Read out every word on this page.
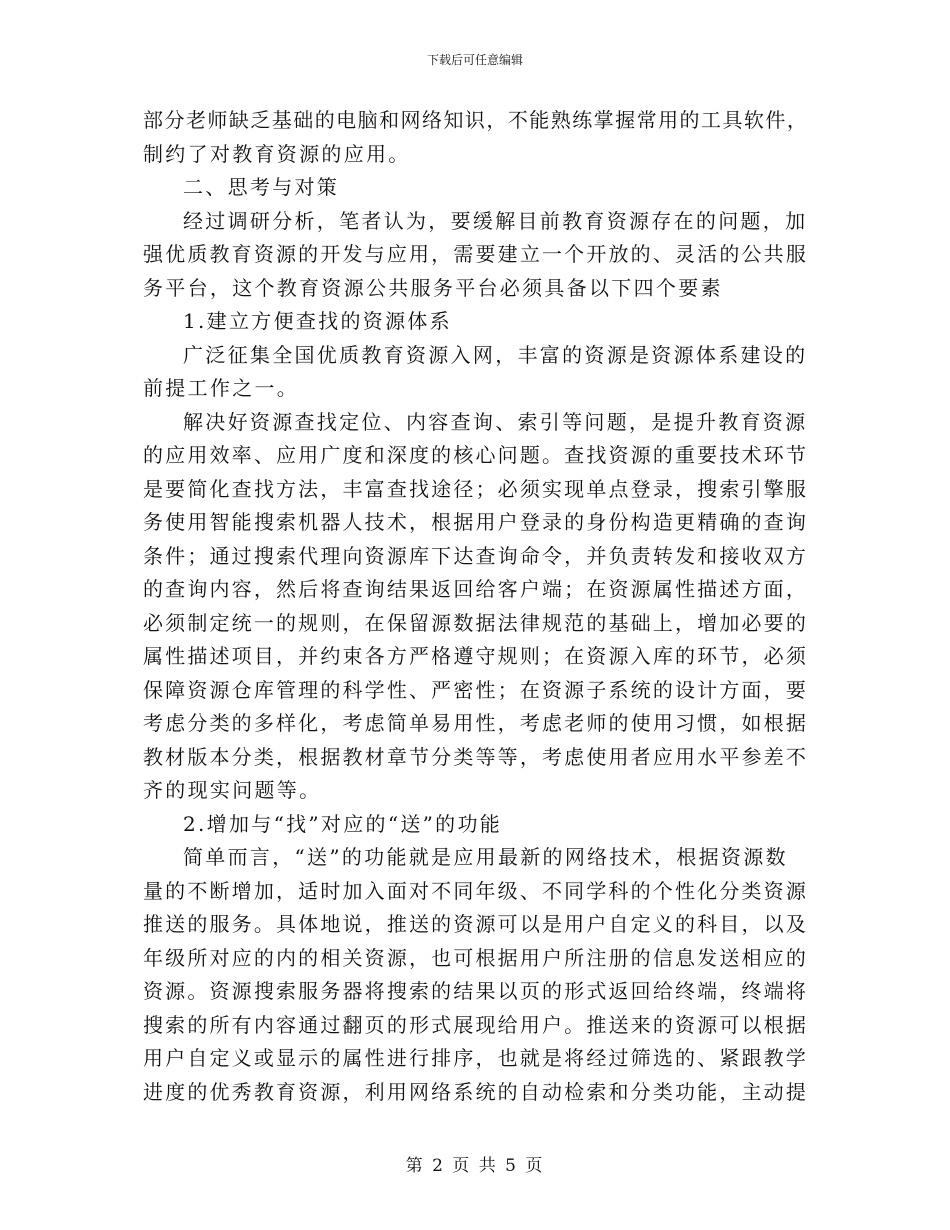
下载后可任意编辑
部分老师缺乏基础的电脑和网络知识，不能熟练掌握常用的工具软件，
制约了对教育资源的应用。
二、思考与对策
经过调研分析，笔者认为，要缓解目前教育资源存在的问题，加
强优质教育资源的开发与应用，需要建立一个开放的、灵活的公共服
务平台，这个教育资源公共服务平台必须具备以下四个要素
1.建立方便查找的资源体系
广泛征集全国优质教育资源入网，丰富的资源是资源体系建设的
前提工作之一。
解决好资源查找定位、内容查询、索引等问题，是提升教育资源
的应用效率、应用广度和深度的核心问题。查找资源的重要技术环节
是要简化查找方法，丰富查找途径；必须实现单点登录，搜索引擎服
务使用智能搜索机器人技术，根据用户登录的身份构造更精确的查询
条件；通过搜索代理向资源库下达查询命令，并负责转发和接收双方
的查询内容，然后将查询结果返回给客户端；在资源属性描述方面，
必须制定统一的规则，在保留源数据法律规范的基础上，增加必要的
属性描述项目，并约束各方严格遵守规则；在资源入库的环节，必须
保障资源仓库管理的科学性、严密性；在资源子系统的设计方面，要
考虑分类的多样化，考虑简单易用性，考虑老师的使用习惯，如根据
教材版本分类，根据教材章节分类等等，考虑使用者应用水平参差不
齐的现实问题等。
2.增加与“找”对应的“送”的功能
简单而言，“送”的功能就是应用最新的网络技术，根据资源数
量的不断增加，适时加入面对不同年级、不同学科的个性化分类资源
推送的服务。具体地说，推送的资源可以是用户自定义的科目，以及
年级所对应的内的相关资源，也可根据用户所注册的信息发送相应的
资源。资源搜索服务器将搜索的结果以页的形式返回给终端，终端将
搜索的所有内容通过翻页的形式展现给用户。推送来的资源可以根据
用户自定义或显示的属性进行排序，也就是将经过筛选的、紧跟教学
进度的优秀教育资源，利用网络系统的自动检索和分类功能，主动提
第 2 页 共 5 页
